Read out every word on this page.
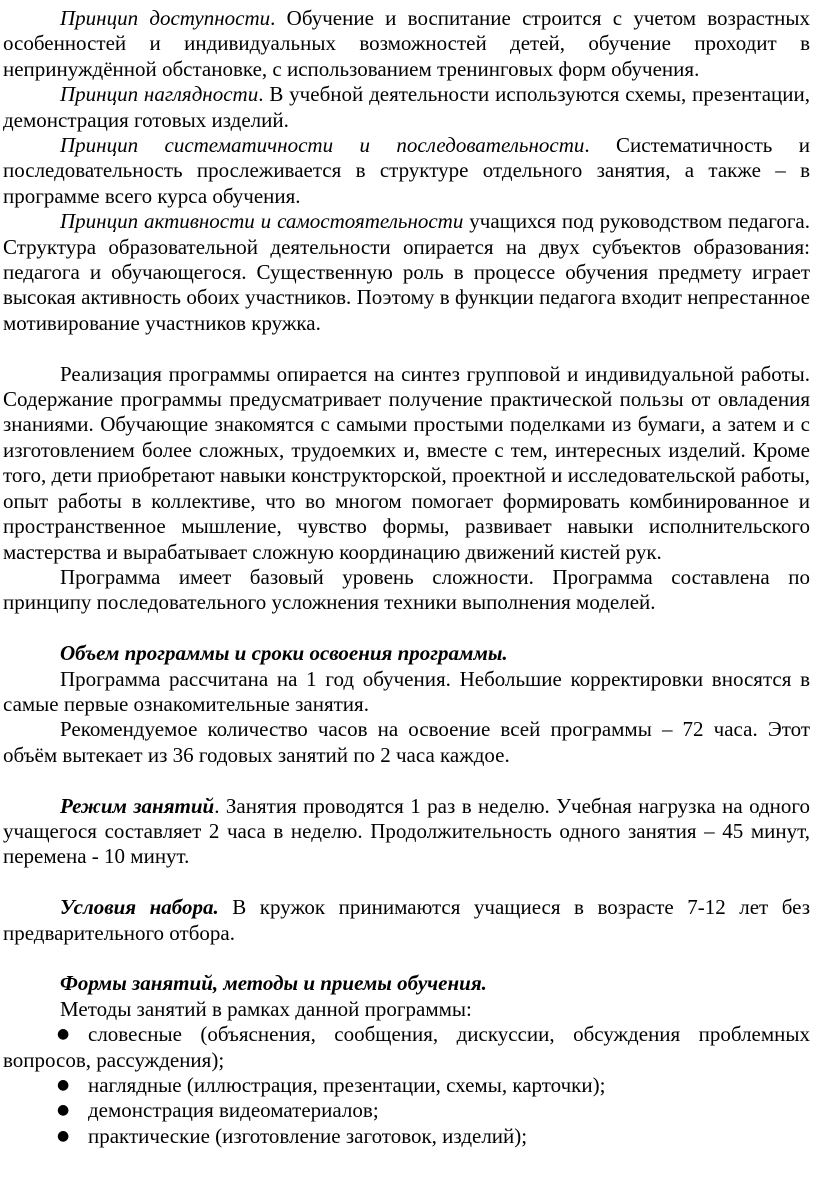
Принцип доступности. Обучение и воспитание строится с учетом возрастных особенностей и индивидуальных возможностей детей, обучение проходит в непринуждённой обстановке, с использованием тренинговых форм обучения.

Принцип наглядности. В учебной деятельности используются схемы, презентации, демонстрация готовых изделий.

Принцип систематичности и последовательности. Систематичность и последовательность прослеживается в структуре отдельного занятия, а также – в программе всего курса обучения.

Принцип активности и самостоятельности учащихся под руководством педагога. Структура образовательной деятельности опирается на двух субъектов образования: педагога и обучающегося. Существенную роль в процессе обучения предмету играет высокая активность обоих участников. Поэтому в функции педагога входит непрестанное мотивирование участников кружка.

Реализация программы опирается на синтез групповой и индивидуальной работы. Содержание программы предусматривает получение практической пользы от овладения знаниями. Обучающие знакомятся с самыми простыми поделками из бумаги, а затем и с изготовлением более сложных, трудоемких и, вместе с тем, интересных изделий. Кроме того, дети приобретают навыки конструкторской, проектной и исследовательской работы, опыт работы в коллективе, что во многом помогает формировать комбинированное и пространственное мышление, чувство формы, развивает навыки исполнительского мастерства и вырабатывает сложную координацию движений кистей рук.

Программа имеет базовый уровень сложности. Программа составлена по принципу последовательного усложнения техники выполнения моделей.

Объем программы и сроки освоения программы.

Программа рассчитана на 1 год обучения. Небольшие корректировки вносятся в самые первые ознакомительные занятия.

Рекомендуемое количество часов на освоение всей программы – 72 часа. Этот объём вытекает из 36 годовых занятий по 2 часа каждое.

Режим занятий. Занятия проводятся 1 раз в неделю. Учебная нагрузка на одного учащегося составляет 2 часа в неделю. Продолжительность одного занятия – 45 минут, перемена - 10 минут.

Условия набора. В кружок принимаются учащиеся в возрасте 7-12 лет без предварительного отбора.

Формы занятий, методы и приемы обучения.

Методы занятий в рамках данной программы:

● словесные (объяснения, сообщения, дискуссии, обсуждения проблемных вопросов, рассуждения);
● наглядные (иллюстрация, презентации, схемы, карточки);
● демонстрация видеоматериалов;
● практические (изготовление заготовок, изделий);
